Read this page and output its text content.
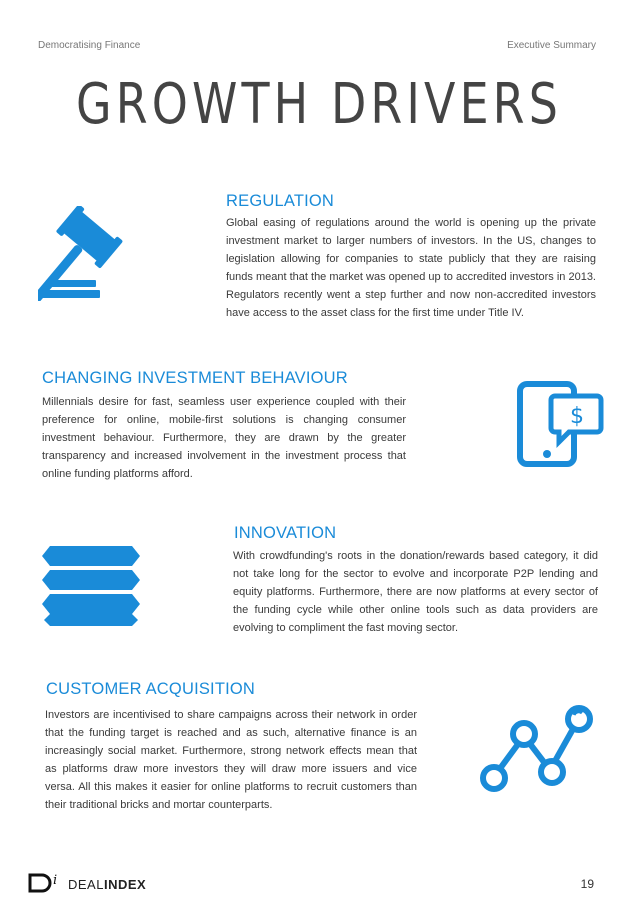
Democratising Finance	Executive Summary
GROWTH DRIVERS
REGULATION
Global easing of regulations around the world is opening up the private investment market to larger numbers of investors. In the US, changes to legislation allowing for companies to state publicly that they are raising funds meant that the market was opened up to accredited investors in 2013. Regulators recently went a step further and now non-accredited investors have access to the asset class for the first time under Title IV.
CHANGING INVESTMENT BEHAVIOUR
Millennials desire for fast, seamless user experience coupled with their preference for online, mobile-first solutions is changing consumer investment behaviour. Furthermore, they are drawn by the greater transparency and increased involvement in the investment process that online funding platforms afford.
$
INNOVATION
With crowdfunding's roots in the donation/rewards based category, it did not take long for the sector to evolve and incorporate P2P lending and equity platforms. Furthermore, there are now platforms at every sector of the funding cycle while other online tools such as data providers are evolving to compliment the fast moving sector.
CUSTOMER ACQUISITION
Investors are incentivised to share campaigns across their network in order that the funding target is reached and as such, alternative finance is an increasingly social market. Furthermore, strong network effects mean that as platforms draw more investors they will draw more issuers and vice versa. All this makes it easier for online platforms to recruit customers than their traditional bricks and mortar counterparts.
i DEALINDEX	19
